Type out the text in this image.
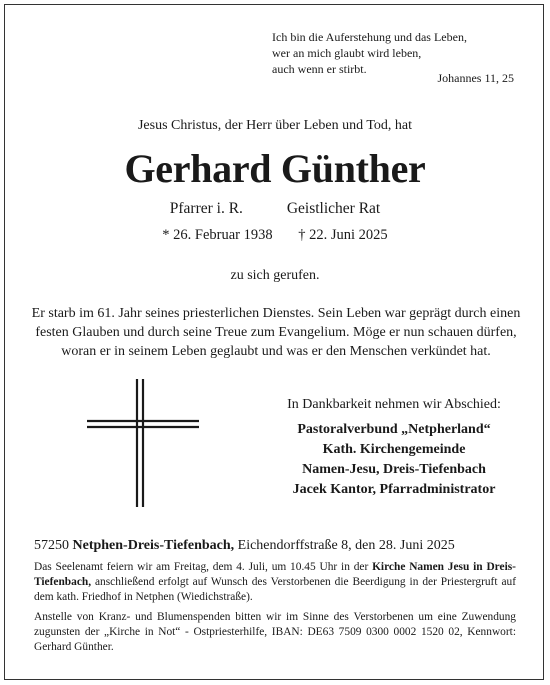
Ich bin die Auferstehung und das Leben,
wer an mich glaubt wird leben,
auch wenn er stirbt.
Johannes 11, 25
Jesus Christus, der Herr über Leben und Tod, hat
Gerhard Günther
Pfarrer i. R.	Geistlicher Rat
* 26. Februar 1938 † 22. Juni 2025
zu sich gerufen.
Er starb im 61. Jahr seines priesterlichen Dienstes. Sein Leben war geprägt durch einen festen Glauben und durch seine Treue zum Evangelium. Möge er nun schauen dürfen, woran er in seinem Leben geglaubt und was er den Menschen verkündet hat.
In Dankbarkeit nehmen wir Abschied:
Pastoralverbund „Netpherland“
Kath. Kirchengemeinde
Namen-Jesu, Dreis-Tiefenbach
Jacek Kantor, Pfarradministrator
57250 Netphen-Dreis-Tiefenbach, Eichendorffstraße 8, den 28. Juni 2025
Das Seelenamt feiern wir am Freitag, dem 4. Juli, um 10.45 Uhr in der Kirche Namen Jesu in Dreis-Tiefenbach, anschließend erfolgt auf Wunsch des Verstorbenen die Beerdigung in der Priestergruft auf dem kath. Friedhof in Netphen (Wiedichstraße).
Anstelle von Kranz- und Blumenspenden bitten wir im Sinne des Verstorbenen um eine Zuwendung zugunsten der „Kirche in Not“ - Ostpriesterhilfe, IBAN: DE63 7509 0300 0002 1520 02, Kennwort: Gerhard Günther.
